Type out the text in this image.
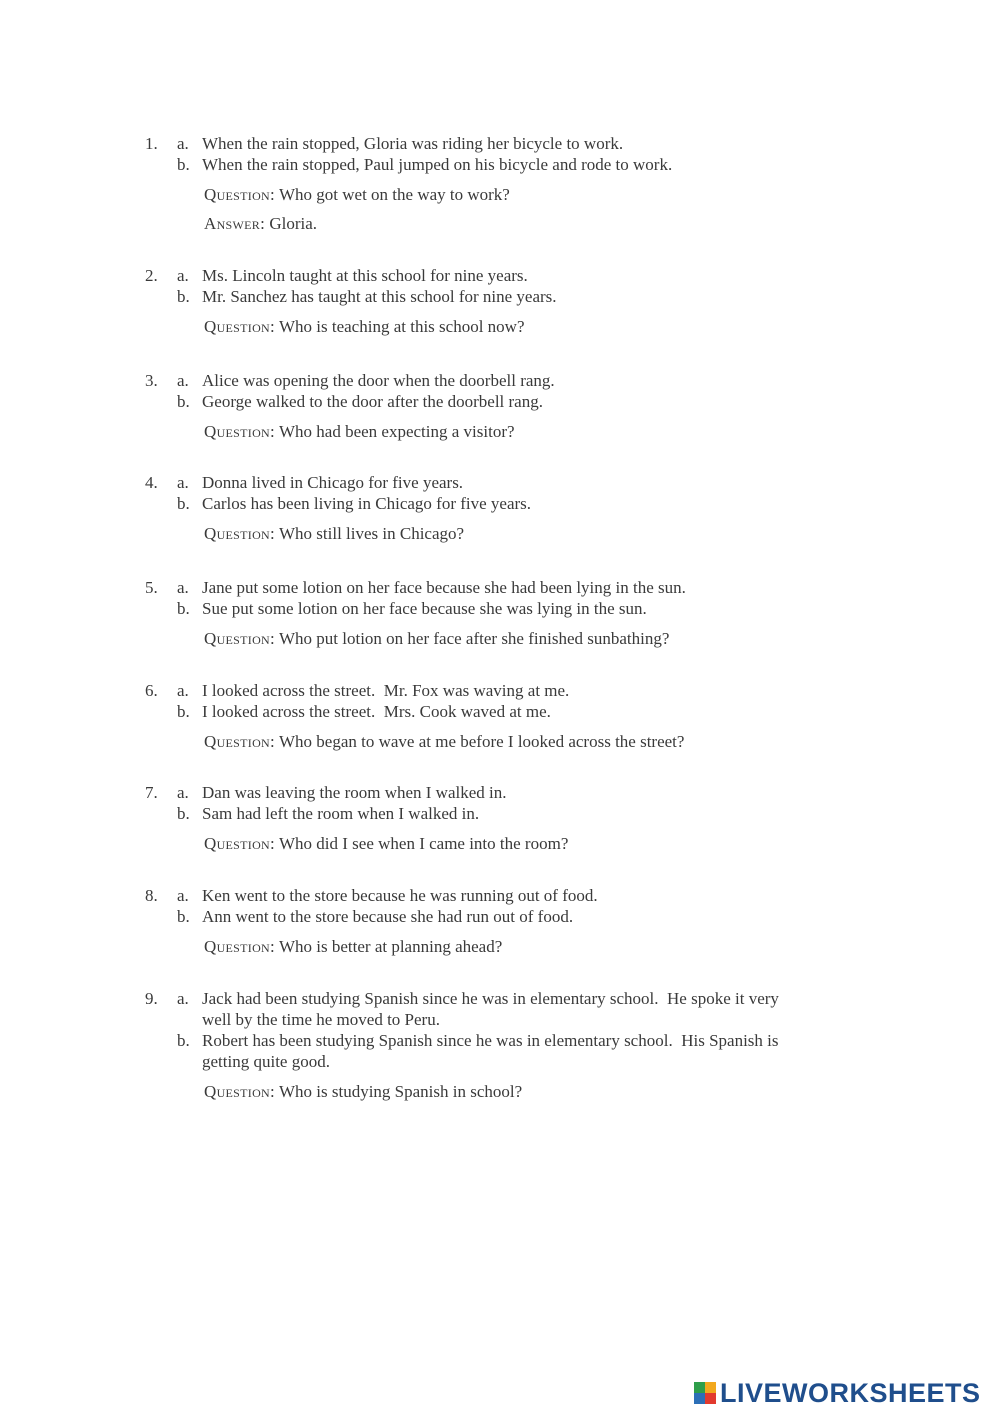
1.	a. When the rain stopped, Gloria was riding her bicycle to work.
b. When the rain stopped, Paul jumped on his bicycle and rode to work.
Question: Who got wet on the way to work?
Answer: Gloria.
2.	a. Ms. Lincoln taught at this school for nine years.
b. Mr. Sanchez has taught at this school for nine years.
Question: Who is teaching at this school now?
3.	a. Alice was opening the door when the doorbell rang.
b. George walked to the door after the doorbell rang.
Question: Who had been expecting a visitor?
4.	a. Donna lived in Chicago for five years.
b. Carlos has been living in Chicago for five years.
Question: Who still lives in Chicago?
5.	a. Jane put some lotion on her face because she had been lying in the sun.
b. Sue put some lotion on her face because she was lying in the sun.
Question: Who put lotion on her face after she finished sunbathing?
6.	a. I looked across the street.  Mr. Fox was waving at me.
b. I looked across the street.  Mrs. Cook waved at me.
Question: Who began to wave at me before I looked across the street?
7.	a. Dan was leaving the room when I walked in.
b. Sam had left the room when I walked in.
Question: Who did I see when I came into the room?
8.	a. Ken went to the store because he was running out of food.
b. Ann went to the store because she had run out of food.
Question: Who is better at planning ahead?
9.	a. Jack had been studying Spanish since he was in elementary school.  He spoke it very
well by the time he moved to Peru.
b. Robert has been studying Spanish since he was in elementary school.  His Spanish is
getting quite good.
Question: Who is studying Spanish in school?
LIVEWORKSHEETS
